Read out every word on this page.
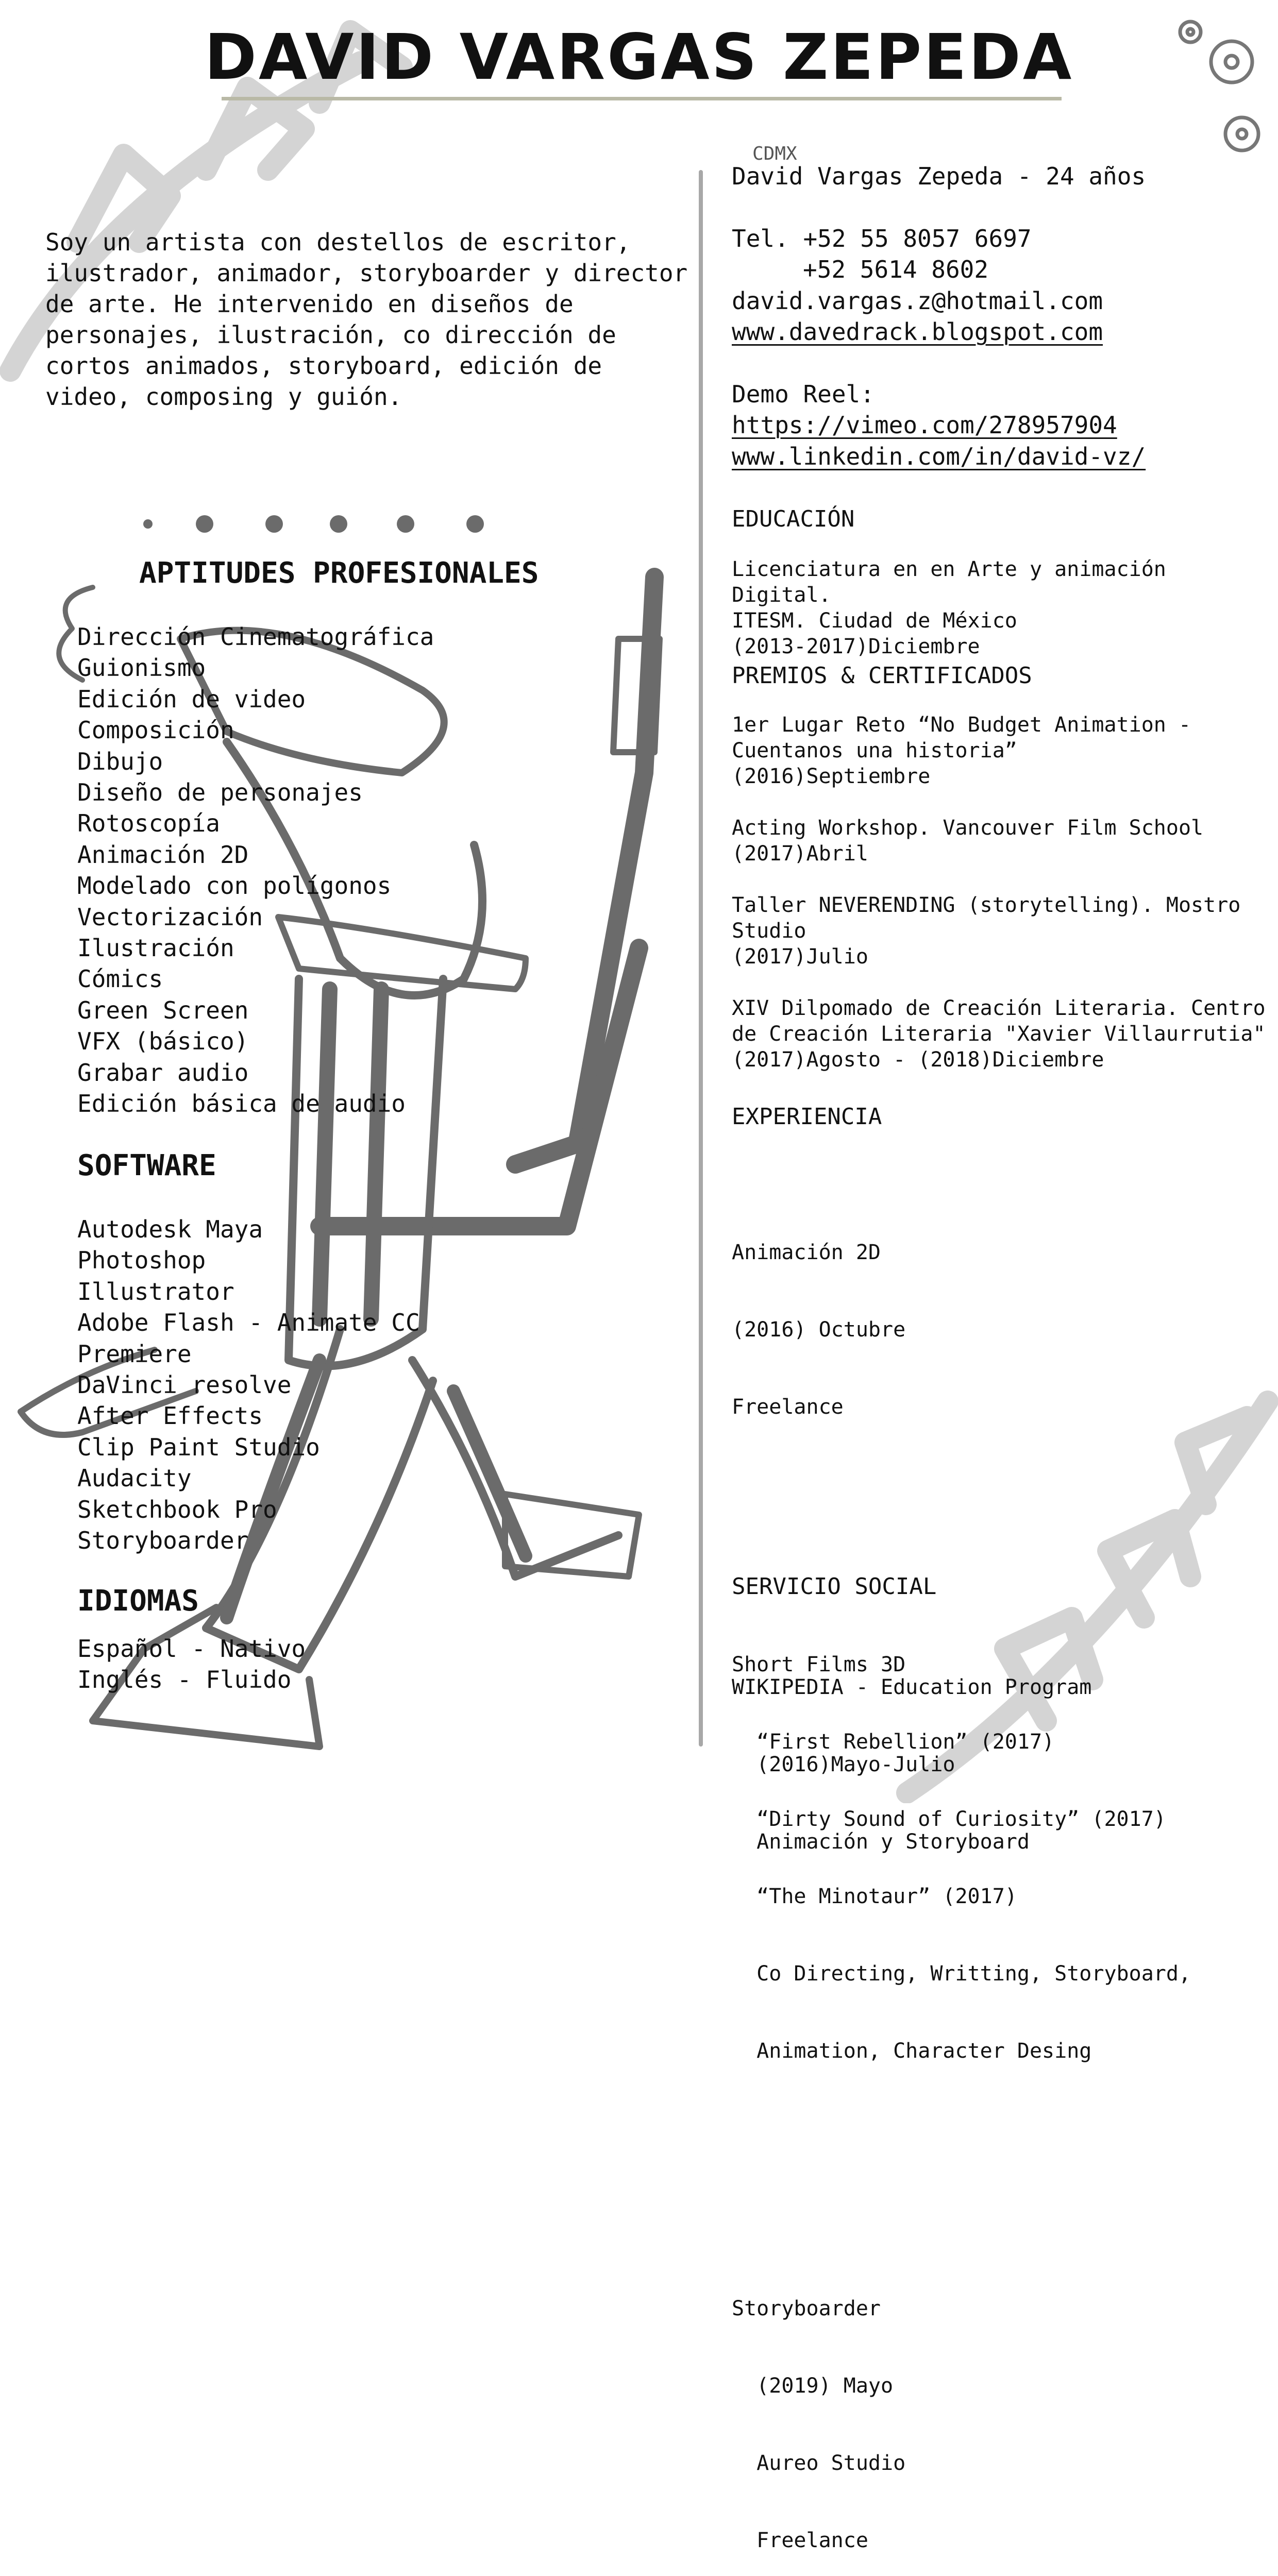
DAVID VARGAS ZEPEDA
Soy un artista con destellos de escritor,
ilustrador, animador, storyboarder y director
de arte. He intervenido en diseños de
personajes, ilustración, co dirección de
cortos animados, storyboard, edición de
video, composing y guión.
APTITUDES PROFESIONALES
Dirección Cinematográfica
Guionismo
Edición de video
Composición
Dibujo
Diseño de personajes
Rotoscopía
Animación 2D
Modelado con polígonos
Vectorización
Ilustración
Cómics
Green Screen
VFX (básico)
Grabar audio
Edición básica de audio
SOFTWARE
Autodesk Maya
Photoshop
Illustrator
Adobe Flash - Animate CC
Premiere
DaVinci resolve
After Effects
Clip Paint Studio
Audacity
Sketchbook Pro
Storyboarder
IDIOMAS
Español - Nativo
Inglés - Fluido
CDMX
David Vargas Zepeda - 24 años
Tel. +52 55 8057 6697
+52 5614 8602
david.vargas.z@hotmail.com
www.davedrack.blogspot.com
Demo Reel:
https://vimeo.com/278957904
www.linkedin.com/in/david-vz/
EDUCACIÓN
Licenciatura en en Arte y animación Digital.
ITESM. Ciudad de México
(2013-2017)Diciembre
PREMIOS & CERTIFICADOS
1er Lugar Reto “No Budget Animation -
Cuentanos una historia”
(2016)Septiembre
Acting Workshop. Vancouver Film School
(2017)Abril
Taller NEVERENDING (storytelling). Mostro
Studio
(2017)Julio
XIV Dilpomado de Creación Literaria. Centro
de Creación Literaria "Xavier Villaurrutia"
(2017)Agosto - (2018)Diciembre
EXPERIENCIA

Animación 2D

(2016) Octubre

Freelance

Short Films 3D

“First Rebellion” (2017)

“Dirty Sound of Curiosity” (2017)

“The Minotaur” (2017)

Co Directing, Writting, Storyboard,

Animation, Character Desing

Storyboarder

(2019) Mayo

Aureo Studio

Freelance

SERVICIO SOCIAL

WIKIPEDIA - Education Program

(2016)Mayo-Julio

Animación y Storyboard
